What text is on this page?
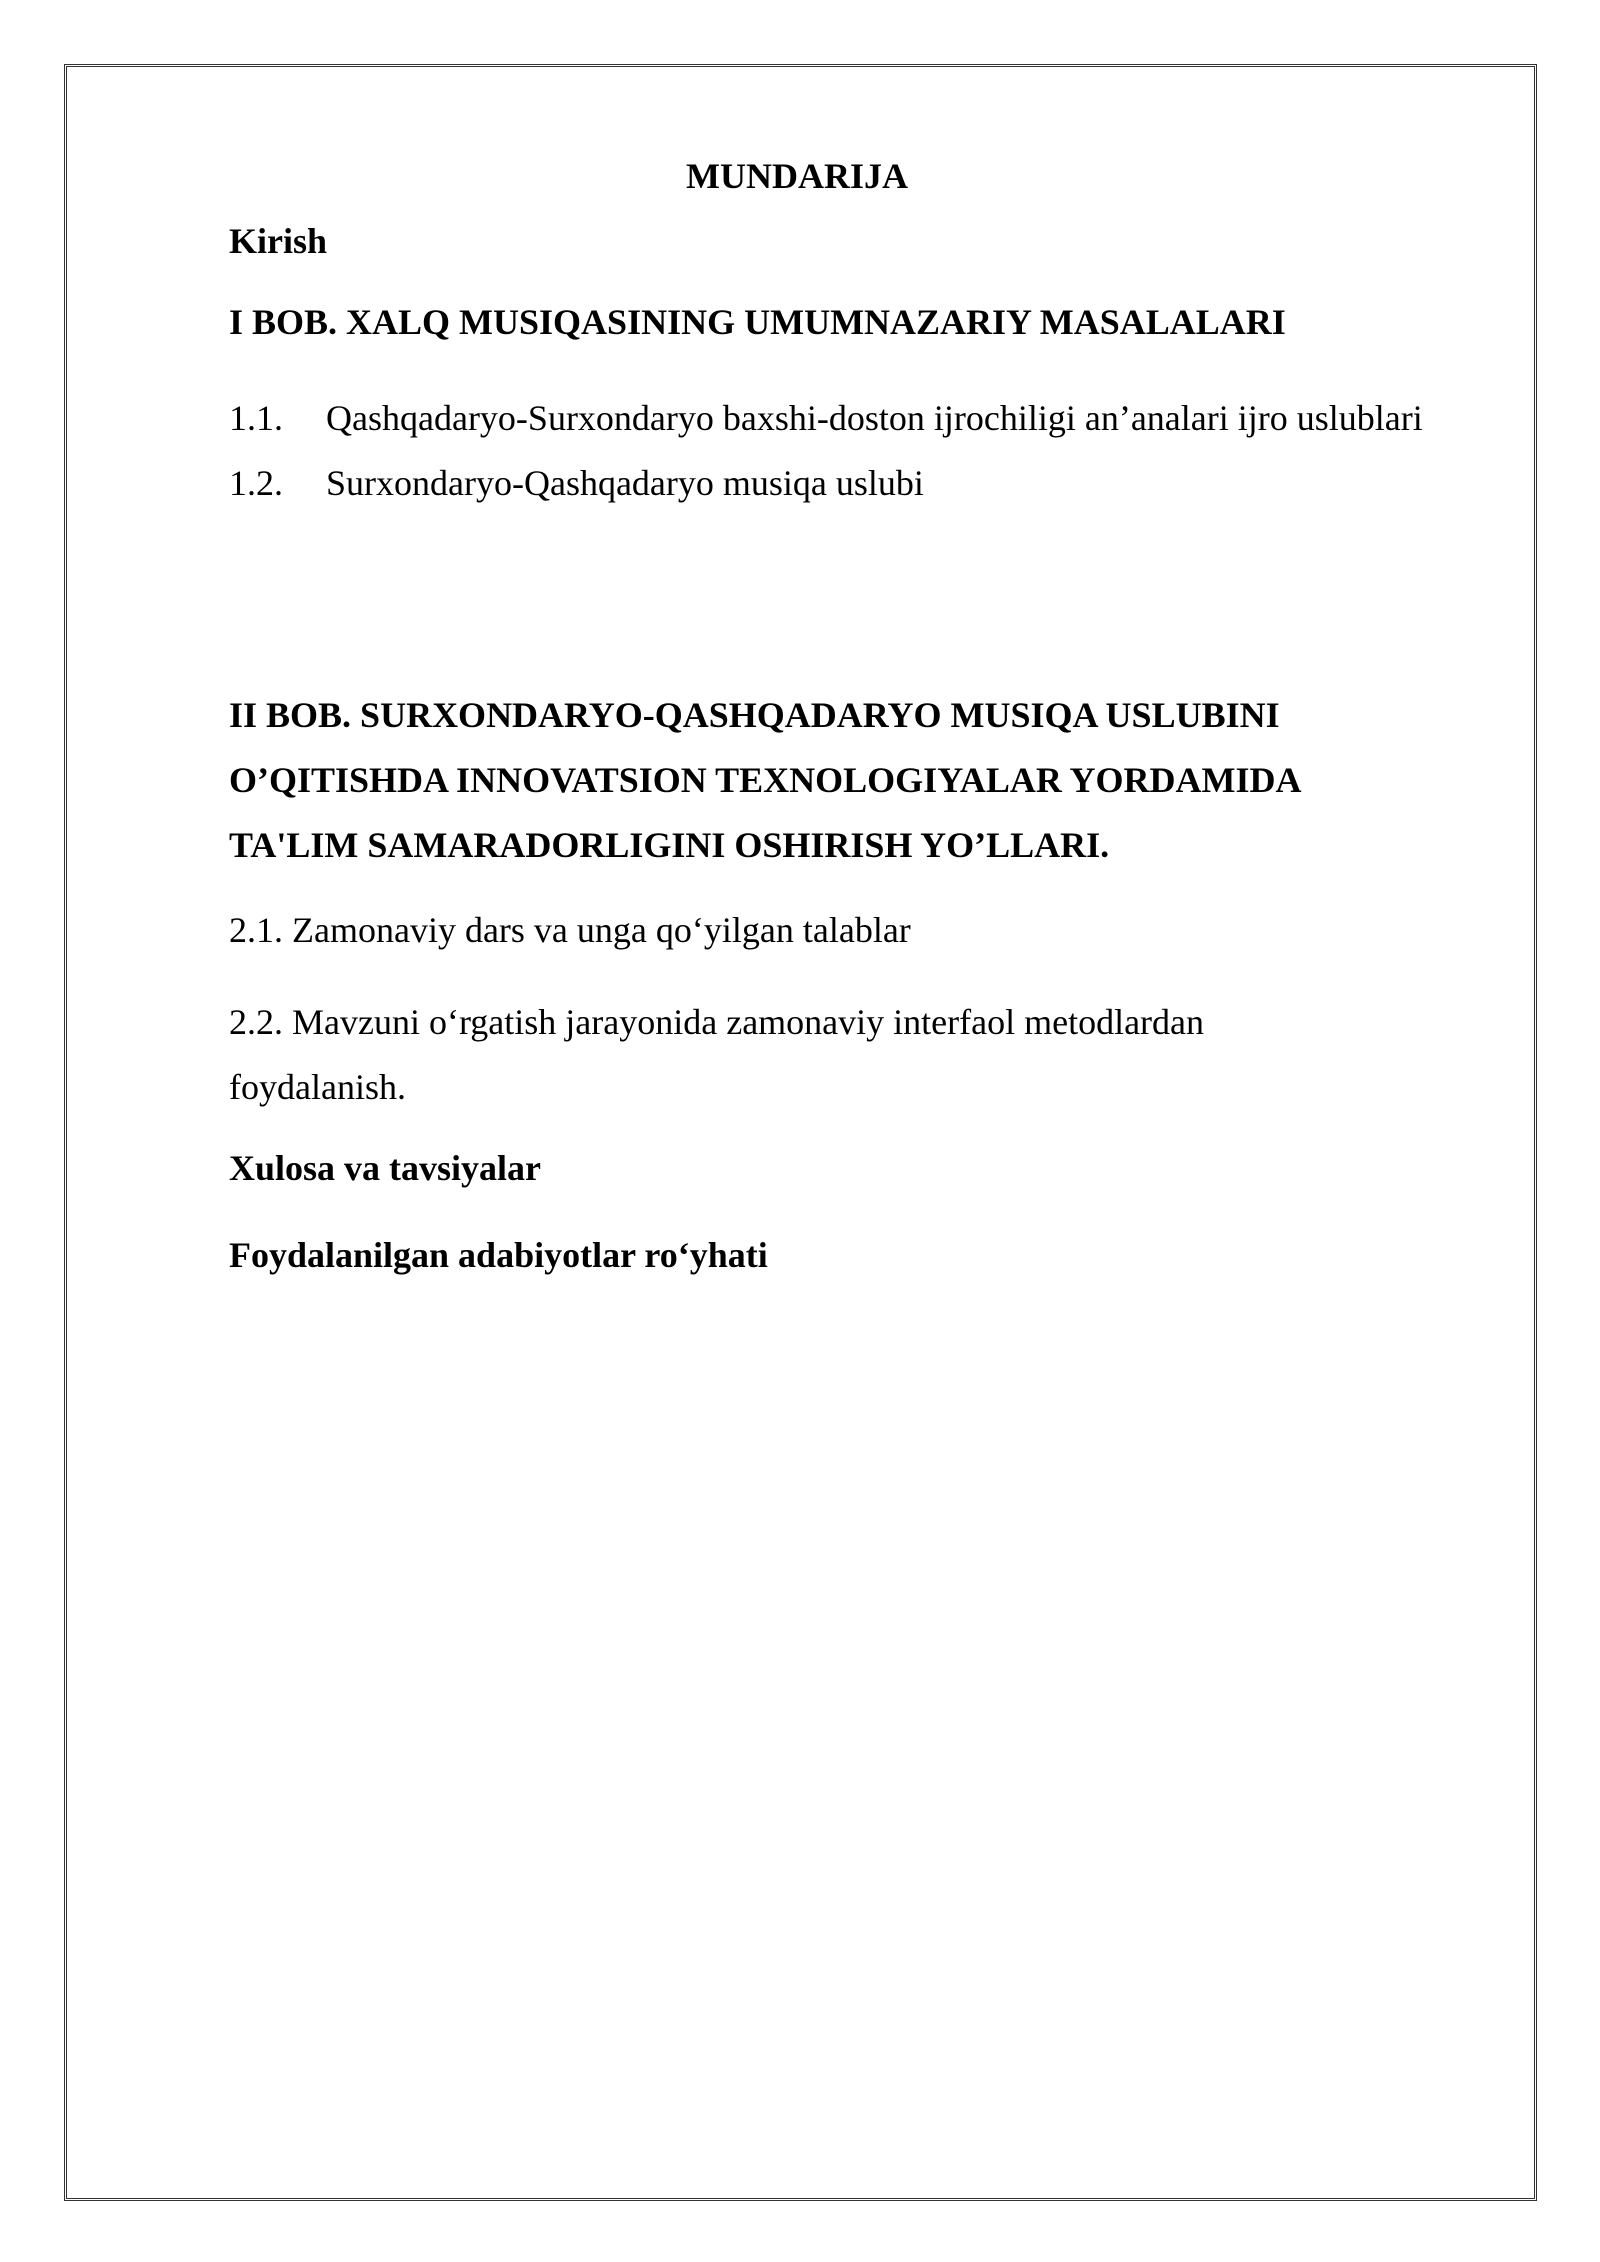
MUNDARIJA

Kirish

I BOB. XALQ MUSIQASINING UMUMNAZARIY MASALALARI

1.1.	Qashqadaryo-Surxondaryo baxshi-doston ijrochiligi an’analari ijro uslublari
1.2.	Surxondaryo-Qashqadaryo musiqa uslubi

II BOB. SURXONDARYO-QASHQADARYO MUSIQA USLUBINI

O’QITISHDA INNOVATSION TEXNOLOGIYALAR YORDAMIDA

TA'LIM SAMARADORLIGINI OSHIRISH YO’LLARI.

2.1. Zamonaviy dars va unga qo‘yilgan talablar

2.2. Mavzuni o‘rgatish jarayonida zamonaviy interfaol metodlardan

foydalanish.

Xulosa va tavsiyalar

Foydalanilgan adabiyotlar ro‘yhati
